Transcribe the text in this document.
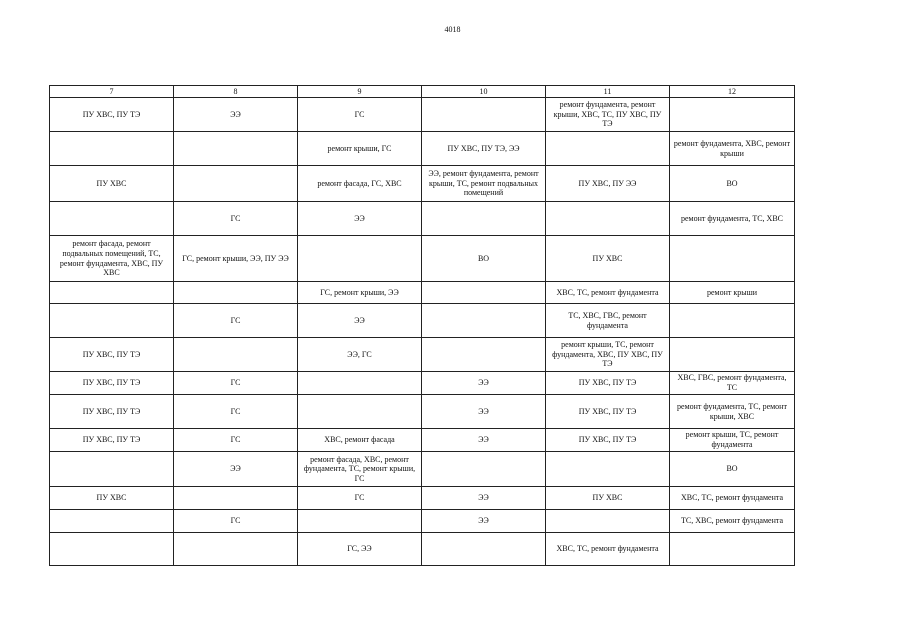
4018
7	8	9	10	11	12
ПУ ХВС, ПУ ТЭ	ЭЭ	ГС		ремонт фундамента, ремонт крыши, ХВС, ТС, ПУ ХВС, ПУ ТЭ	
		ремонт крыши, ГС	ПУ ХВС, ПУ ТЭ, ЭЭ		ремонт фундамента, ХВС, ремонт крыши
ПУ ХВС		ремонт фасада, ГС, ХВС	ЭЭ, ремонт фундамента, ремонт крыши, ТС, ремонт подвальных помещений	ПУ ХВС, ПУ ЭЭ	ВО
	ГС	ЭЭ			ремонт фундамента, ТС, ХВС
ремонт фасада, ремонт подвальных помещений, ТС, ремонт фундамента, ХВС, ПУ ХВС	ГС, ремонт крыши, ЭЭ, ПУ ЭЭ		ВО	ПУ ХВС	
		ГС, ремонт крыши, ЭЭ		ХВС, ТС, ремонт фундамента	ремонт крыши
	ГС	ЭЭ		ТС, ХВС, ГВС, ремонт фундамента	
ПУ ХВС, ПУ ТЭ		ЭЭ, ГС		ремонт крыши, ТС, ремонт фундамента, ХВС, ПУ ХВС, ПУ ТЭ	
ПУ ХВС, ПУ ТЭ	ГС		ЭЭ	ПУ ХВС, ПУ ТЭ	ХВС, ГВС, ремонт фундамента, ТС
ПУ ХВС, ПУ ТЭ	ГС		ЭЭ	ПУ ХВС, ПУ ТЭ	ремонт фундамента, ТС, ремонт крыши, ХВС
ПУ ХВС, ПУ ТЭ	ГС	ХВС, ремонт фасада	ЭЭ	ПУ ХВС, ПУ ТЭ	ремонт крыши, ТС, ремонт фундамента
	ЭЭ	ремонт фасада, ХВС, ремонт фундамента, ТС, ремонт крыши, ГС			ВО
ПУ ХВС		ГС	ЭЭ	ПУ ХВС	ХВС, ТС, ремонт фундамента
	ГС		ЭЭ		ТС, ХВС, ремонт фундамента
		ГС, ЭЭ		ХВС, ТС, ремонт фундамента	
